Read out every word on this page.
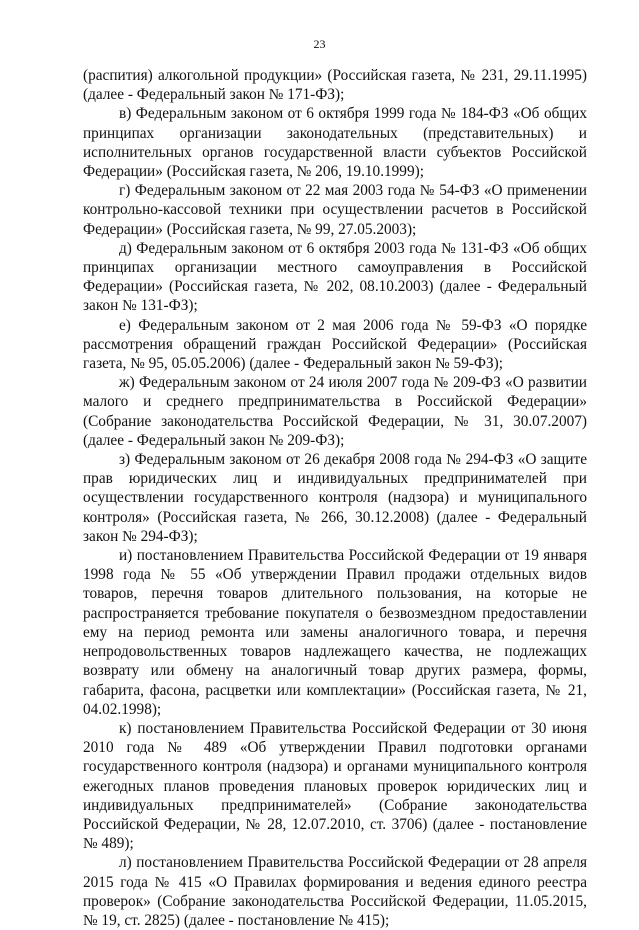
23

(распития) алкогольной продукции» (Российская газета, № 231, 29.11.1995) (далее - Федеральный закон № 171-ФЗ);

в) Федеральным законом от 6 октября 1999 года № 184-ФЗ «Об общих принципах организации законодательных (представительных) и исполнительных органов государственной власти субъектов Российской Федерации» (Российская газета, № 206, 19.10.1999);

г) Федеральным законом от 22 мая 2003 года № 54-ФЗ «О применении контрольно-кассовой техники при осуществлении расчетов в Российской Федерации» (Российская газета, № 99, 27.05.2003);

д) Федеральным законом от 6 октября 2003 года № 131-ФЗ «Об общих принципах организации местного самоуправления в Российской Федерации» (Российская газета, № 202, 08.10.2003) (далее - Федеральный закон № 131-ФЗ);

е) Федеральным законом от 2 мая 2006 года № 59-ФЗ «О порядке рассмотрения обращений граждан Российской Федерации» (Российская газета, № 95, 05.05.2006) (далее - Федеральный закон № 59-ФЗ);

ж) Федеральным законом от 24 июля 2007 года № 209-ФЗ «О развитии малого и среднего предпринимательства в Российской Федерации» (Собрание законодательства Российской Федерации, № 31, 30.07.2007) (далее - Федеральный закон № 209-ФЗ);

з) Федеральным законом от 26 декабря 2008 года № 294-ФЗ «О защите прав юридических лиц и индивидуальных предпринимателей при осуществлении государственного контроля (надзора) и муниципального контроля» (Российская газета, № 266, 30.12.2008) (далее - Федеральный закон № 294-ФЗ);

и) постановлением Правительства Российской Федерации от 19 января 1998 года № 55 «Об утверждении Правил продажи отдельных видов товаров, перечня товаров длительного пользования, на которые не распространяется требование покупателя о безвозмездном предоставлении ему на период ремонта или замены аналогичного товара, и перечня непродовольственных товаров надлежащего качества, не подлежащих возврату или обмену на аналогичный товар других размера, формы, габарита, фасона, расцветки или комплектации» (Российская газета, № 21, 04.02.1998);

к) постановлением Правительства Российской Федерации от 30 июня 2010 года № 489 «Об утверждении Правил подготовки органами государственного контроля (надзора) и органами муниципального контроля ежегодных планов проведения плановых проверок юридических лиц и индивидуальных предпринимателей» (Собрание законодательства Российской Федерации, № 28, 12.07.2010, ст. 3706) (далее - постановление № 489);

л) постановлением Правительства Российской Федерации от 28 апреля 2015 года № 415 «О Правилах формирования и ведения единого реестра проверок» (Собрание законодательства Российской Федерации, 11.05.2015, № 19, ст. 2825) (далее - постановление № 415);
